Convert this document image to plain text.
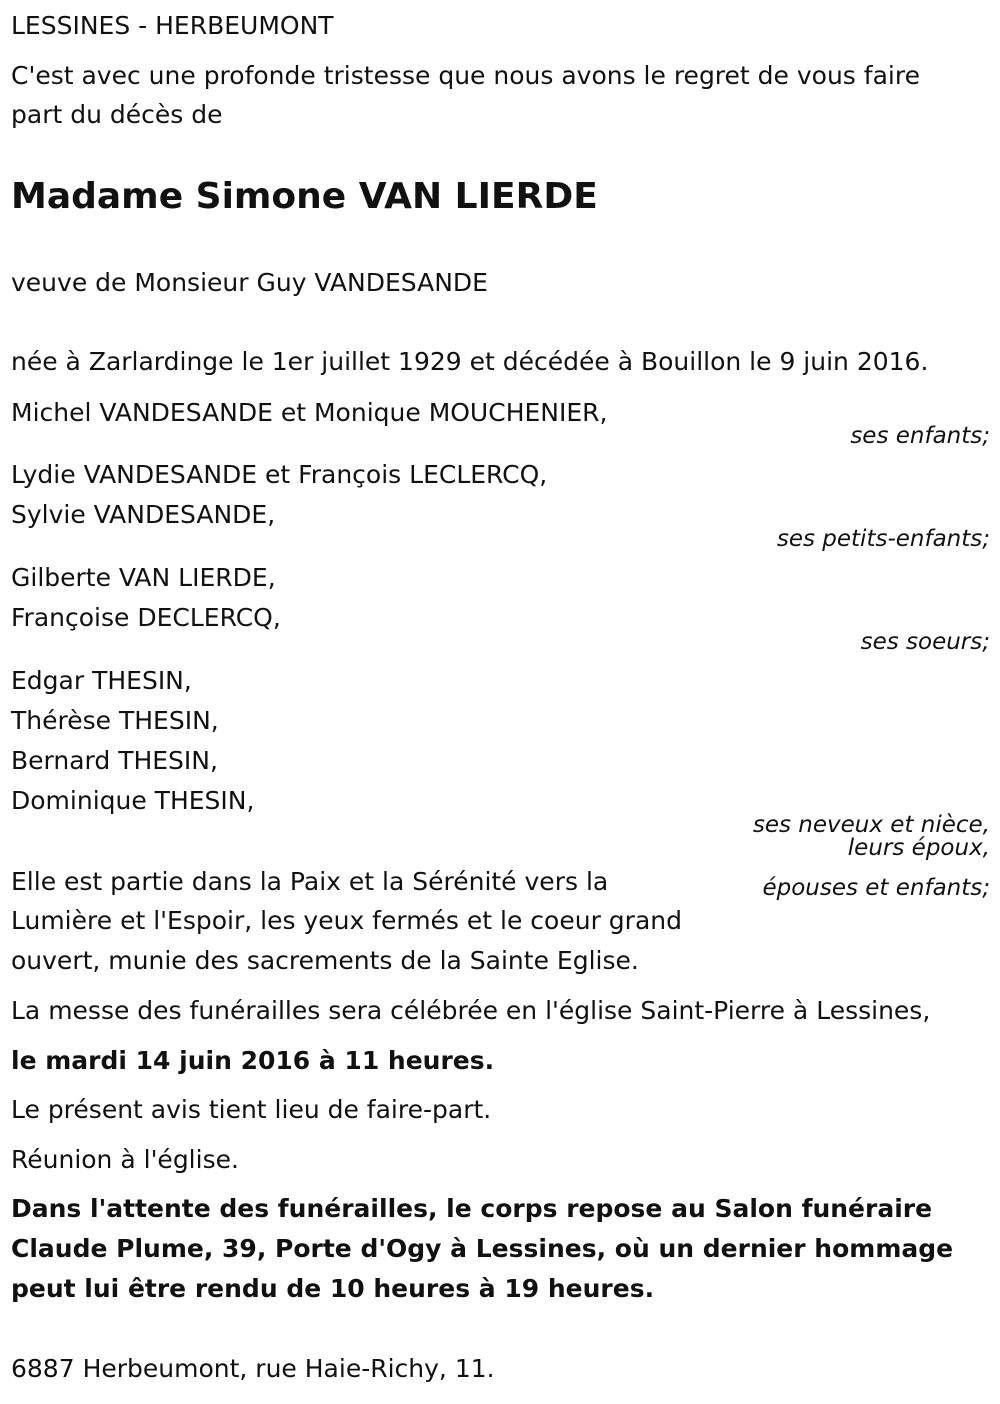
LESSINES - HERBEUMONT
C'est avec une profonde tristesse que nous avons le regret de vous faire
part du décès de
Madame Simone VAN LIERDE
veuve de Monsieur Guy VANDESANDE
née à Zarlardinge le 1er juillet 1929 et décédée à Bouillon le 9 juin 2016.
Michel VANDESANDE et Monique MOUCHENIER,
ses enfants;
Lydie VANDESANDE et François LECLERCQ,
Sylvie VANDESANDE,
ses petits-enfants;
Gilberte VAN LIERDE,
Françoise DECLERCQ,
ses soeurs;
Edgar THESIN,
Thérèse THESIN,
Bernard THESIN,
Dominique THESIN,
ses neveux et nièce,
leurs époux,
épouses et enfants;
Elle est partie dans la Paix et la Sérénité vers la
Lumière et l'Espoir, les yeux fermés et le coeur grand
ouvert, munie des sacrements de la Sainte Eglise.
La messe des funérailles sera célébrée en l'église Saint-Pierre à Lessines,
le mardi 14 juin 2016 à 11 heures.
Le présent avis tient lieu de faire-part.
Réunion à l'église.
Dans l'attente des funérailles, le corps repose au Salon funéraire
Claude Plume, 39, Porte d'Ogy à Lessines, où un dernier hommage
peut lui être rendu de 10 heures à 19 heures.
6887 Herbeumont, rue Haie-Richy, 11.
